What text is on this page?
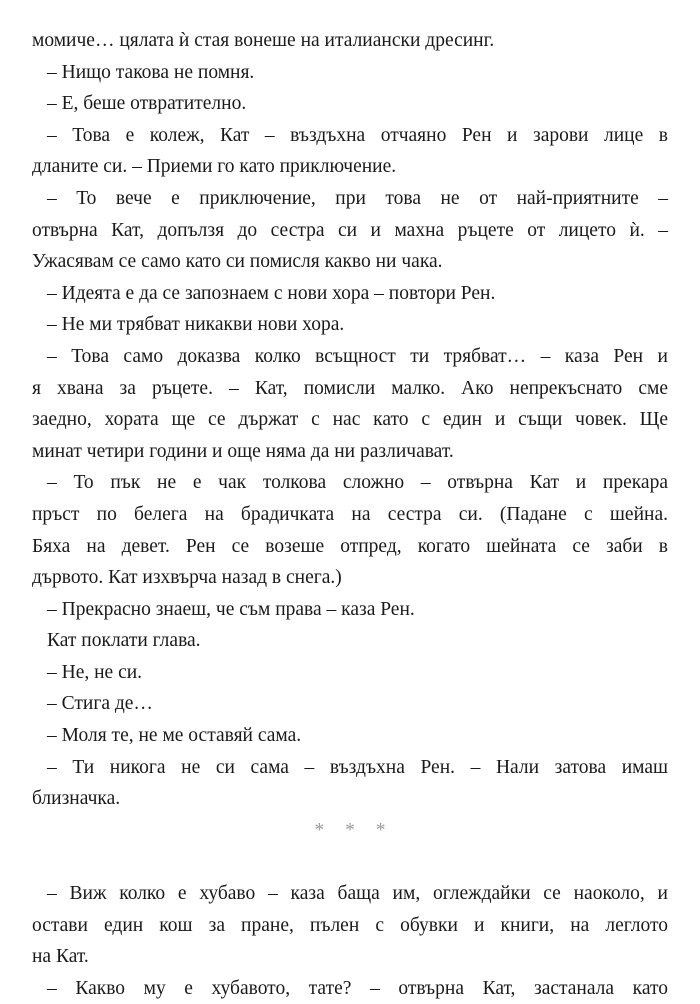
момиче… цялата ѝ стая вонеше на италиански дресинг.
– Нищо такова не помня.
– Е, беше отвратително.
– Това е колеж, Кат – въздъхна отчаяно Рен и зарови лице в
дланите си. – Приеми го като приключение.
– То вече е приключение, при това не от най-приятните –
отвърна Кат, допълзя до сестра си и махна ръцете от лицето ѝ. –
Ужасявам се само като си помисля какво ни чака.
– Идеята е да се запознаем с нови хора – повтори Рен.
– Не ми трябват никакви нови хора.
– Това само доказва колко всъщност ти трябват… – каза Рен и
я хвана за ръцете. – Кат, помисли малко. Ако непрекъснато сме
заедно, хората ще се държат с нас като с един и същи човек. Ще
минат четири години и още няма да ни различават.
– То пък не е чак толкова сложно – отвърна Кат и прекара
пръст по белега на брадичката на сестра си. (Падане с шейна.
Бяха на девет. Рен се возеше отпред, когато шейната се заби в
дървото. Кат изхвърча назад в снега.)
– Прекрасно знаеш, че съм права – каза Рен.
Кат поклати глава.
– Не, не си.
– Стига де…
– Моля те, не ме оставяй сама.
– Ти никога не си сама – въздъхна Рен. – Нали затова имаш
близначка.
* * *
– Виж колко е хубаво – каза баща им, оглеждайки се наоколо, и
остави един кош за пране, пълен с обувки и книги, на леглото
на Кат.
– Какво му е хубавото, тате? – отвърна Кат, застанала като
